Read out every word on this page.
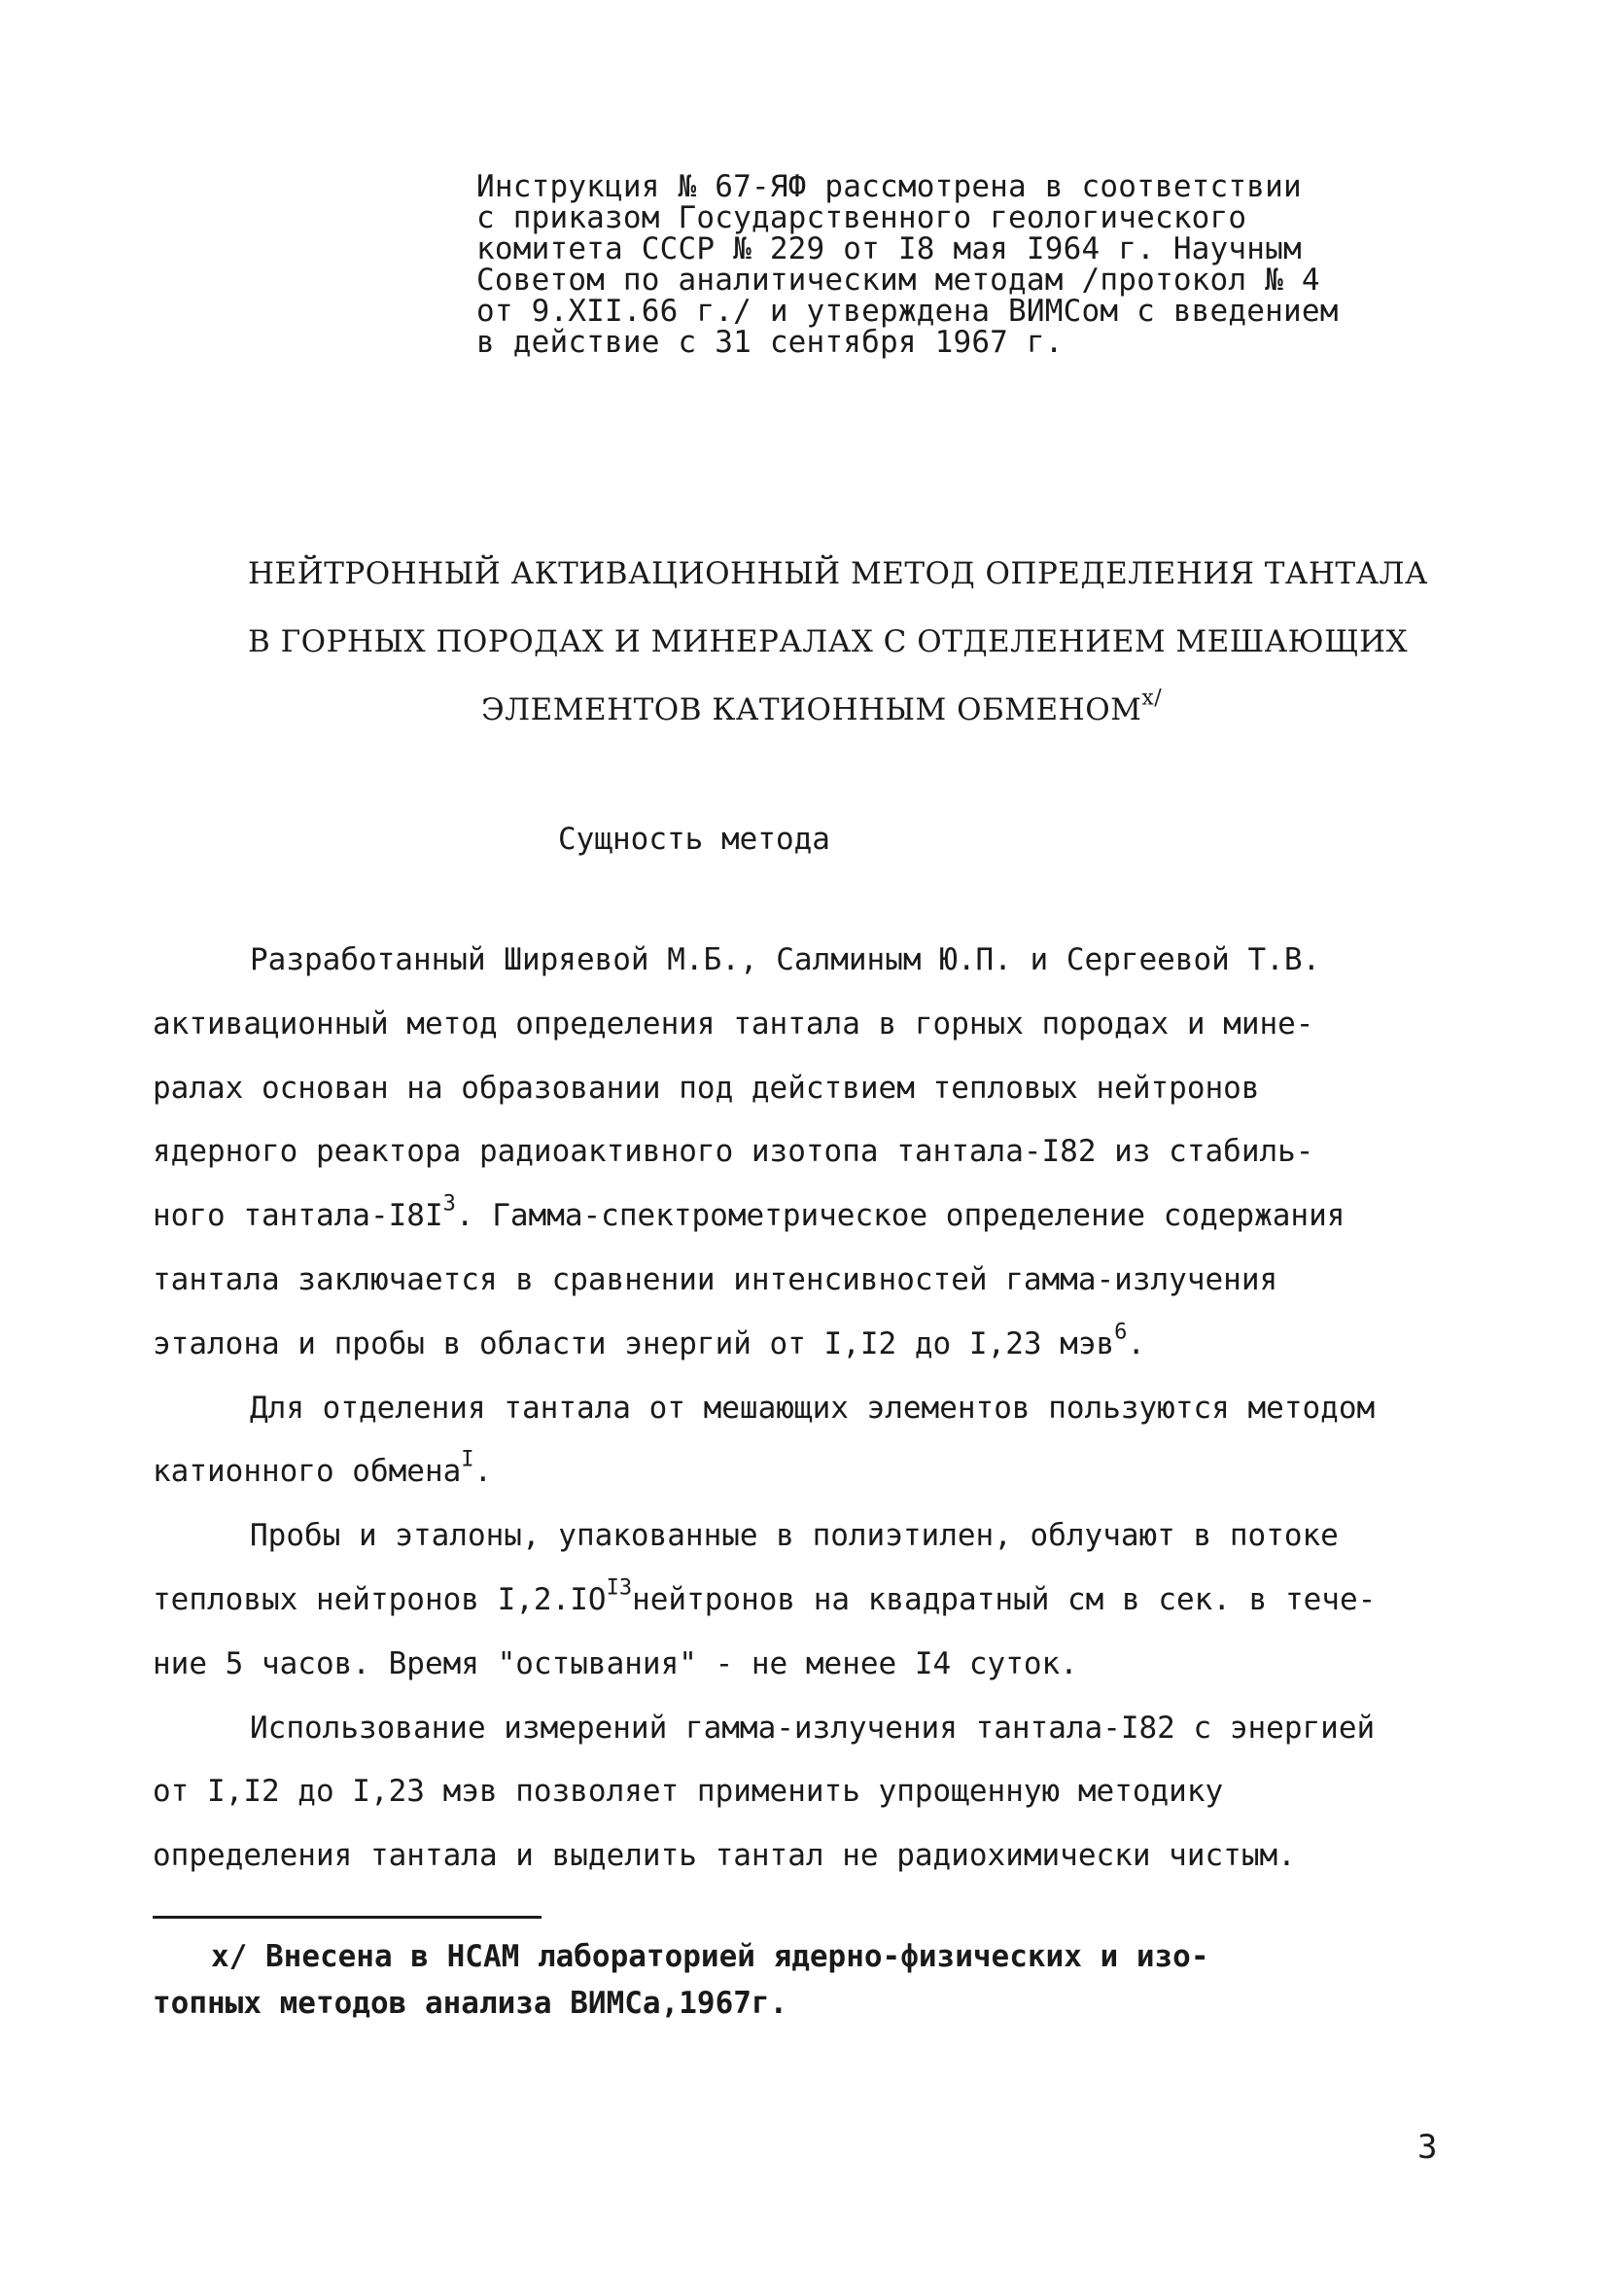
Инструкция № 67-ЯФ рассмотрена в соответствии

с приказом Государственного геологического

комитета СССР № 229 от I8 мая I964 г. Научным

Советом по аналитическим методам /протокол № 4

от 9.XII.66 г./ и утверждена ВИМСом с введением

в действие с 31 сентября 1967 г.

НЕЙТРОННЫЙ АКТИВАЦИОННЫЙ МЕТОД ОПРЕДЕЛЕНИЯ ТАНТАЛА
В ГОРНЫХ ПОРОДАХ И МИНЕРАЛАХ С ОТДЕЛЕНИЕМ МЕШАЮЩИХ
ЭЛЕМЕНТОВ КАТИОННЫМ $ОБМЕНОМ^{x/}$
Сущность метода
Разработанный Ширяевой М.Б., Салминым Ю.П. и Сергеевой Т.В.
активационный метод определения тантала в горных породах и мине-
ралах основан на образовании под действием тепловых нейтронов
ядерного реактора радиоактивного изотопа тантала-I82 из стабиль-
ного тантала-$I8I^3$. Гамма-спектрометрическое определение содержания
тантала заключается в сравнении интенсивностей гамма-излучения
эталона и пробы в области энергий от I,I2 до I,23 мэв$^6$.
Для отделения тантала от мешающих элементов пользуются методом
катионного обмена$^I$.
Пробы и эталоны, упакованные в полиэтилен, облучают в потоке
тепловых нейтронов $I,2.IO^{I3}нейтронов$ на квадратный см в сек. в тече-
ние 5 часов. Время "остывания" - не менее I4 суток.
Использование измерений гамма-излучения тантала-I82 с энергией
от I,I2 до I,23 мэв позволяет применить упрощенную методику
определения тантала и выделить тантал не радиохимически чистым.
x/ Внесена в НСАМ лабораторией ядерно-физических и изо-
топных методов анализа ВИМСа,1967г.

3
